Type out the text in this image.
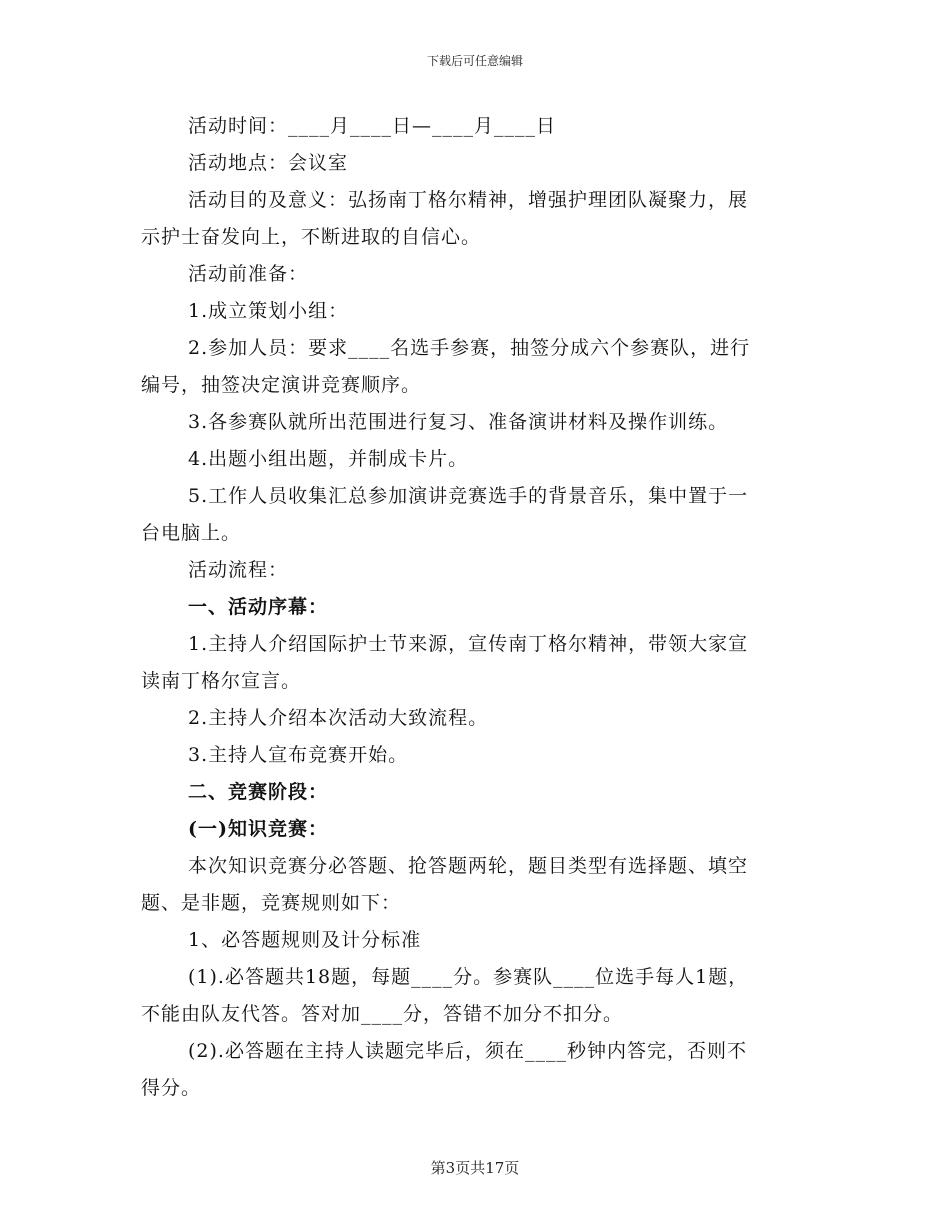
下载后可任意编辑
活动时间：____月____日—____月____日
活动地点：会议室
活动目的及意义：弘扬南丁格尔精神，增强护理团队凝聚力，展
示护士奋发向上，不断进取的自信心。
活动前准备：
1.成立策划小组：
2.参加人员：要求____名选手参赛，抽签分成六个参赛队，进行
编号，抽签决定演讲竞赛顺序。
3.各参赛队就所出范围进行复习、准备演讲材料及操作训练。
4.出题小组出题，并制成卡片。
5.工作人员收集汇总参加演讲竞赛选手的背景音乐，集中置于一
台电脑上。
活动流程：
一、活动序幕：
1.主持人介绍国际护士节来源，宣传南丁格尔精神，带领大家宣
读南丁格尔宣言。
2.主持人介绍本次活动大致流程。
3.主持人宣布竞赛开始。
二、竞赛阶段：
(一)知识竞赛：
本次知识竞赛分必答题、抢答题两轮，题目类型有选择题、填空
题、是非题，竞赛规则如下：
1、必答题规则及计分标准
(1).必答题共18题，每题____分。参赛队____位选手每人1题，
不能由队友代答。答对加____分，答错不加分不扣分。
(2).必答题在主持人读题完毕后，须在____秒钟内答完，否则不
得分。
第3页共17页
